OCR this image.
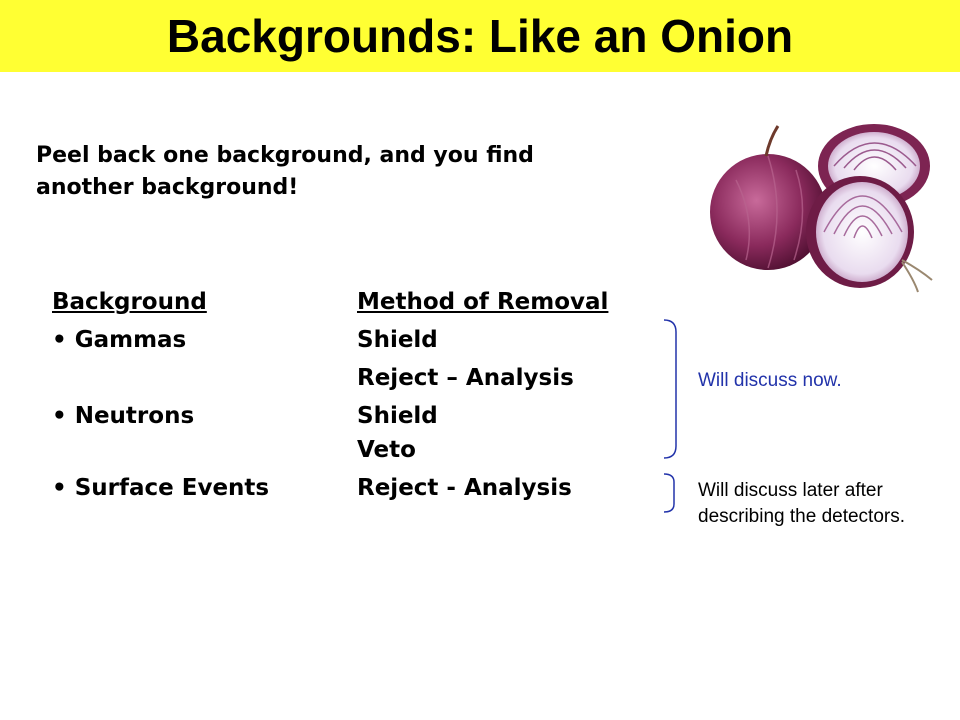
Backgrounds: Like an Onion
Peel back one background, and you find another background!
Background	Method of Removal
• Gammas	Shield
Reject – Analysis
• Neutrons	Shield
Veto
• Surface Events	Reject - Analysis
Will discuss now.
Will discuss later after describing the detectors.
